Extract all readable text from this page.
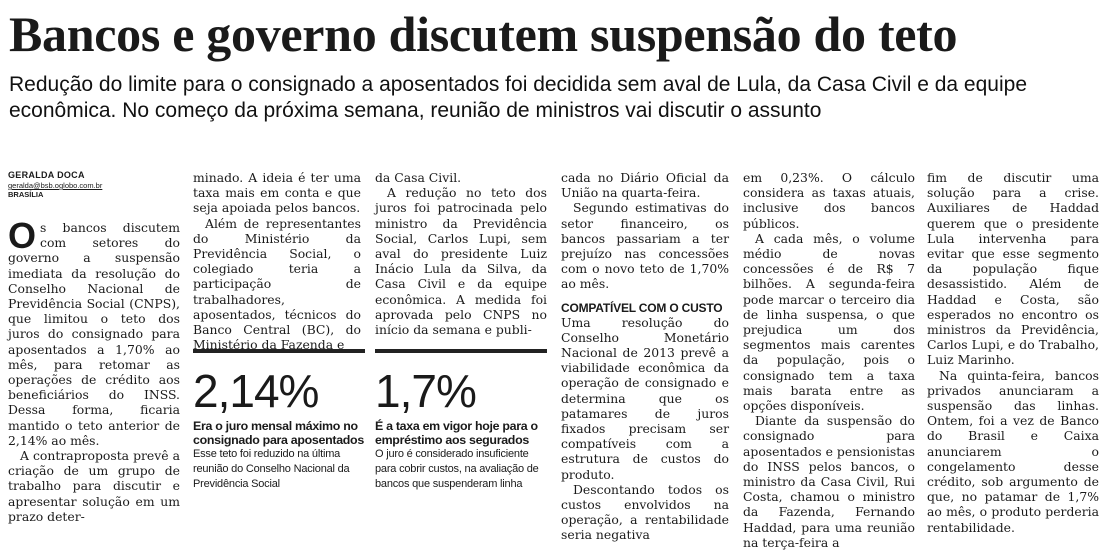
Bancos e governo discutem suspensão do teto
Redução do limite para o consignado a aposentados foi decidida sem aval de Lula, da Casa Civil e da equipe econômica. No começo da próxima semana, reunião de ministros vai discutir o assunto
GERALDA DOCA
geralda@bsb.oglobo.com.br
BRASÍLIA

Os bancos discutem com setores do governo a suspensão imediata da resolução do Conselho Nacional de Previdência Social (CNPS), que limitou o teto dos juros do consignado para aposentados a 1,70% ao mês, para retomar as operações de crédito aos beneficiários do INSS. Dessa forma, ficaria mantido o teto anterior de 2,14% ao mês.

A contraproposta prevê a criação de um grupo de trabalho para discutir e apresentar solução em um prazo deter-

minado. A ideia é ter uma taxa mais em conta e que seja apoiada pelos bancos.

Além de representantes do Ministério da Previdência Social, o colegiado teria a participação de trabalhadores, aposentados, técnicos do Banco Central (BC), do Ministério da Fazenda e

da Casa Civil.

A redução no teto dos juros foi patrocinada pelo ministro da Previdência Social, Carlos Lupi, sem aval do presidente Luiz Inácio Lula da Silva, da Casa Civil e da equipe econômica. A medida foi aprovada pelo CNPS no início da semana e publi-

2,14%
Era o juro mensal máximo no consignado para aposentados
Esse teto foi reduzido na última reunião do Conselho Nacional da Previdência Social
1,7%
É a taxa em vigor hoje para o empréstimo aos segurados
O juro é considerado insuficiente para cobrir custos, na avaliação de bancos que suspenderam linha

cada no Diário Oficial da União na quarta-feira.

Segundo estimativas do setor financeiro, os bancos passariam a ter prejuízo nas concessões com o novo teto de 1,70% ao mês.

COMPATÍVEL COM O CUSTO

Uma resolução do Conselho Monetário Nacional de 2013 prevê a viabilidade econômica da operação de consignado e determina que os patamares de juros fixados precisam ser compatíveis com a estrutura de custos do produto.

Descontando todos os custos envolvidos na operação, a rentabilidade seria negativa

em 0,23%. O cálculo considera as taxas atuais, inclusive dos bancos públicos.

A cada mês, o volume médio de novas concessões é de R$ 7 bilhões. A segunda-feira pode marcar o terceiro dia de linha suspensa, o que prejudica um dos segmentos mais carentes da população, pois o consignado tem a taxa mais barata entre as opções disponíveis.

Diante da suspensão do consignado para aposentados e pensionistas do INSS pelos bancos, o ministro da Casa Civil, Rui Costa, chamou o ministro da Fazenda, Fernando Haddad, para uma reunião na terça-feira a

fim de discutir uma solução para a crise. Auxiliares de Haddad querem que o presidente Lula intervenha para evitar que esse segmento da população fique desassistido. Além de Haddad e Costa, são esperados no encontro os ministros da Previdência, Carlos Lupi, e do Trabalho, Luiz Marinho.

Na quinta-feira, bancos privados anunciaram a suspensão das linhas. Ontem, foi a vez de Banco do Brasil e Caixa anunciarem o congelamento desse crédito, sob argumento de que, no patamar de 1,7% ao mês, o produto perderia rentabilidade.
